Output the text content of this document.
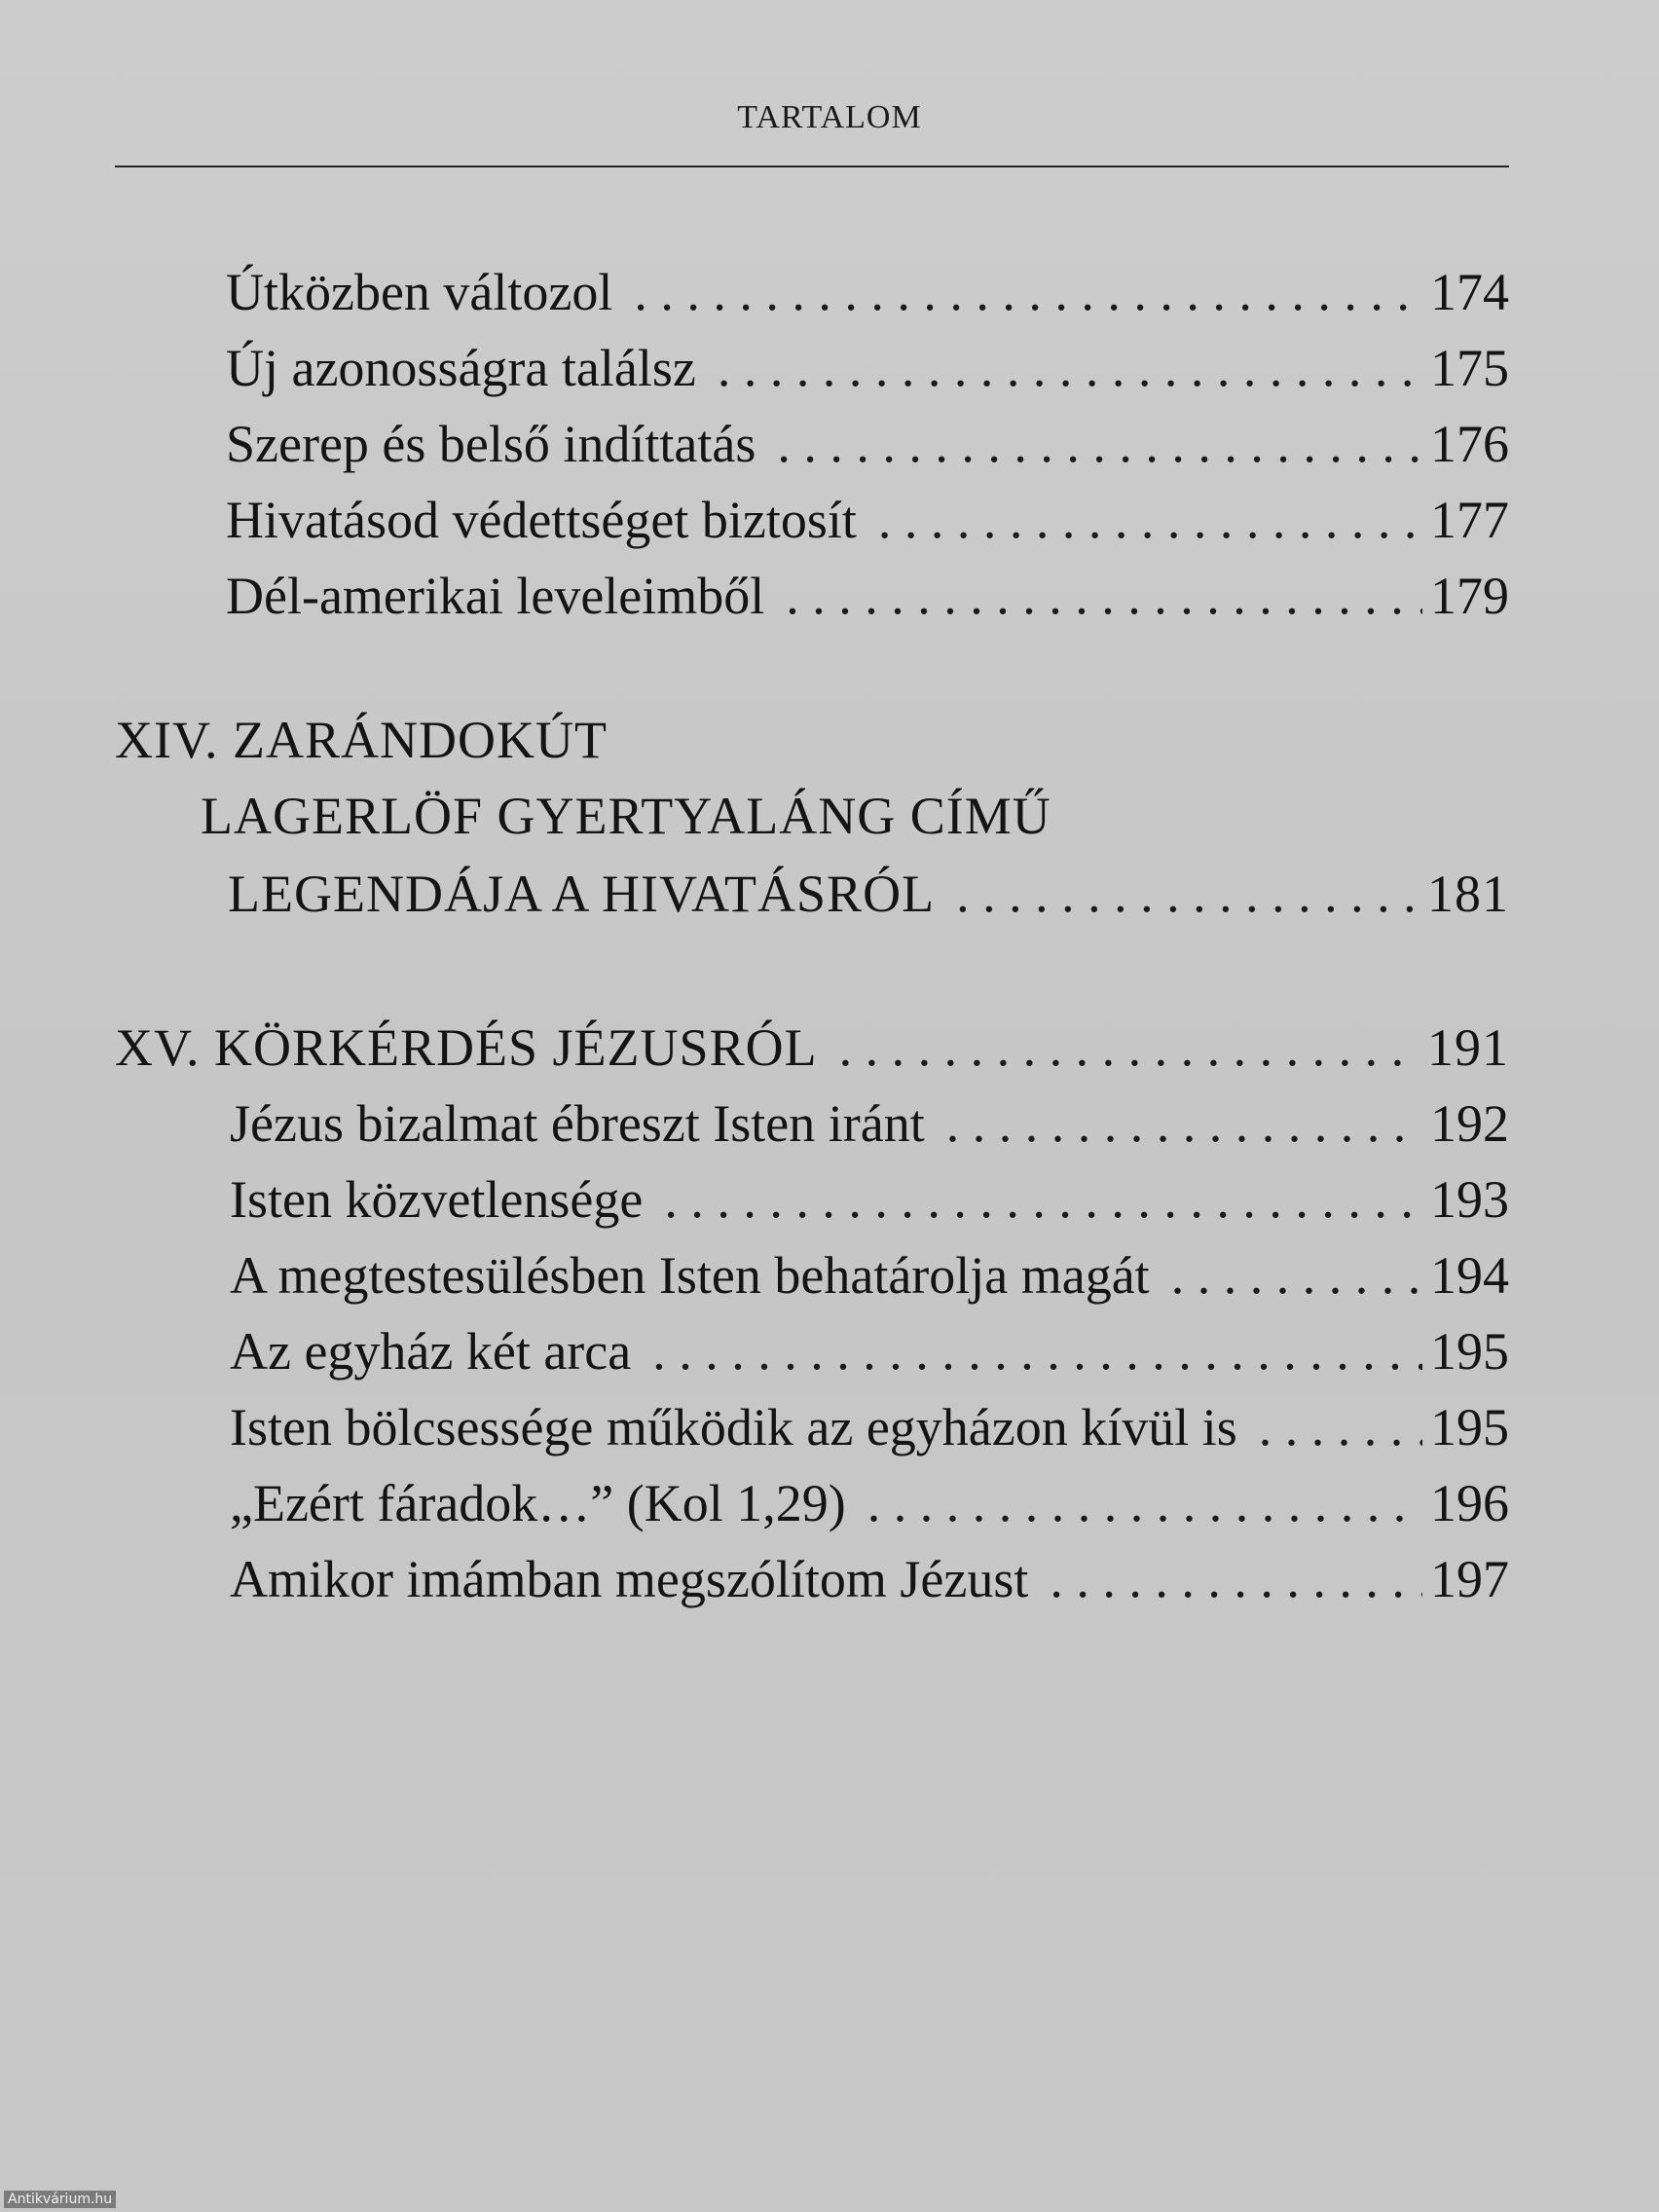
TARTALOM
Útközben változol . . .	174
Új azonosságra találsz . . .	175
Szerep és belső indíttatás . . .	176
Hivatásod védettséget biztosít . . .	177
Dél-amerikai leveleimből . . .	179
XIV. ZARÁNDOKÚT
LAGERLÖF GYERTYALÁNG CÍMŰ
LEGENDÁJA A HIVATÁSRÓL . . .	181
XV. KÖRKÉRDÉS JÉZUSRÓL . . .	191
Jézus bizalmat ébreszt Isten iránt . . .	192
Isten közvetlensége . . .	193
A megtestesülésben Isten behatárolja magát . . .	194
Az egyház két arca . . .	195
Isten bölcsessége működik az egyházon kívül is . . .	195
„Ezért fáradok…” (Kol 1,29) . . .	196
Amikor imámban megszólítom Jézust . . .	197
Antikvárium.hu
